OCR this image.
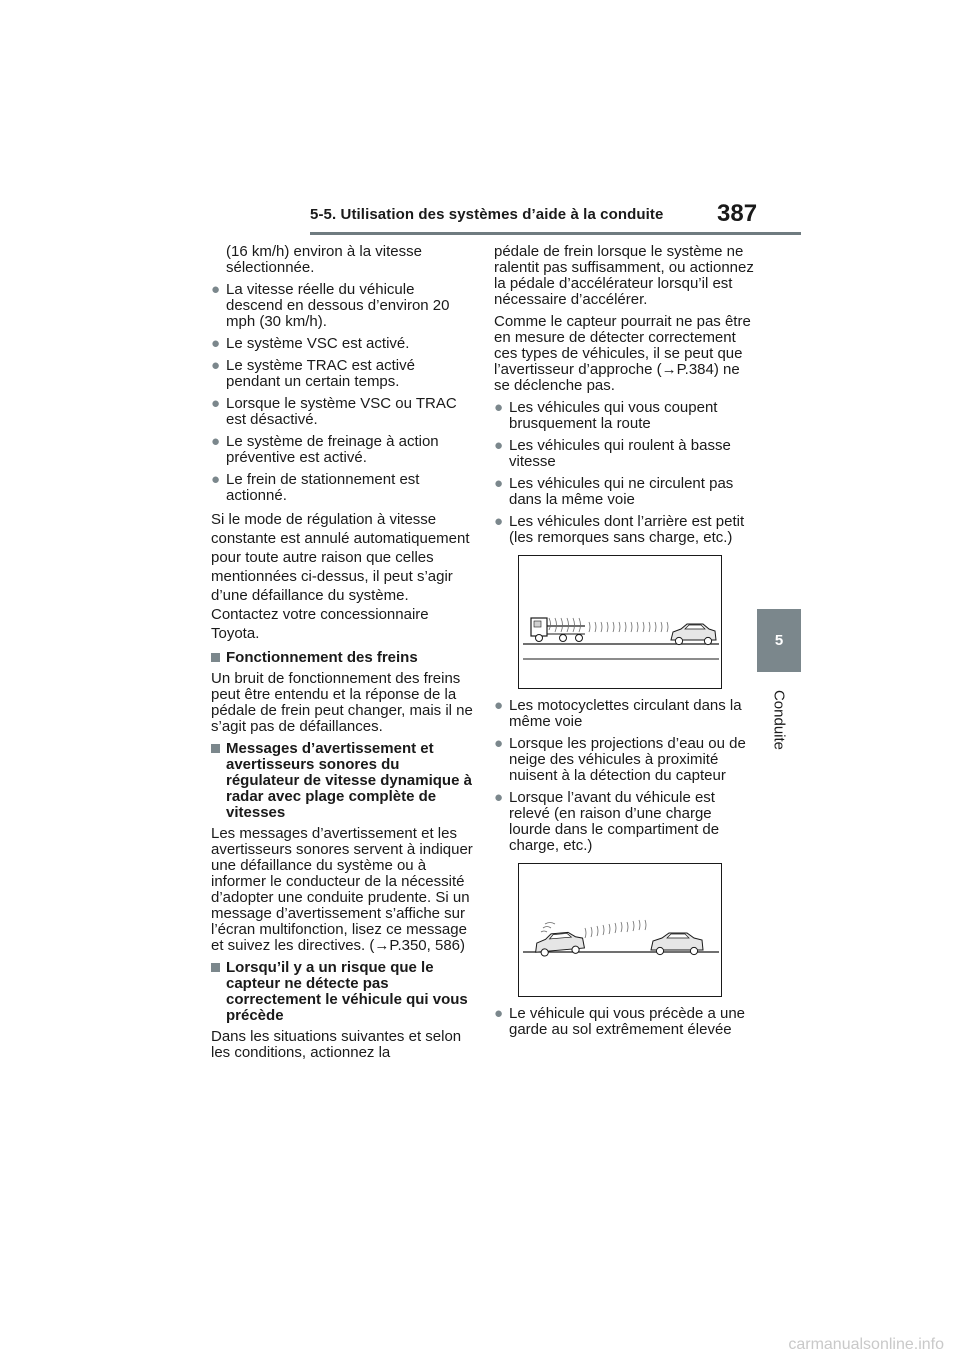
5-5. Utilisation des systèmes d’aide à la conduite 387
5
Conduite
(16 km/h) environ à la vitesse sélectionnée.
● La vitesse réelle du véhicule descend en dessous d’environ 20 mph (30 km/h).
● Le système VSC est activé.
● Le système TRAC est activé pendant un certain temps.
● Lorsque le système VSC ou TRAC est désactivé.
● Le système de freinage à action préventive est activé.
● Le frein de stationnement est actionné.
Si le mode de régulation à vitesse constante est annulé automatiquement pour toute autre raison que celles mentionnées ci-dessus, il peut s’agir d’une défaillance du système. Contactez votre concessionnaire Toyota.
Fonctionnement des freins
Un bruit de fonctionnement des freins peut être entendu et la réponse de la pédale de frein peut changer, mais il ne s’agit pas de défaillances.
Messages d’avertissement et avertisseurs sonores du régulateur de vitesse dynamique à radar avec plage complète de vitesses
Les messages d’avertissement et les avertisseurs sonores servent à indiquer une défaillance du système ou à informer le conducteur de la nécessité d’adopter une conduite prudente. Si un message d’avertissement s’affiche sur l’écran multifonction, lisez ce message et suivez les directives. (→P.350, 586)
Lorsqu’il y a un risque que le capteur ne détecte pas correctement le véhicule qui vous précède
Dans les situations suivantes et selon les conditions, actionnez la
pédale de frein lorsque le système ne ralentit pas suffisamment, ou actionnez la pédale d’accélérateur lorsqu’il est nécessaire d’accélérer.
Comme le capteur pourrait ne pas être en mesure de détecter correctement ces types de véhicules, il se peut que l’avertisseur d’approche (→P.384) ne se déclenche pas.
● Les véhicules qui vous coupent brusquement la route
● Les véhicules qui roulent à basse vitesse
● Les véhicules qui ne circulent pas dans la même voie
● Les véhicules dont l’arrière est petit (les remorques sans charge, etc.)
● Les motocyclettes circulant dans la même voie
● Lorsque les projections d’eau ou de neige des véhicules à proximité nuisent à la détection du capteur
● Lorsque l’avant du véhicule est relevé (en raison d’une charge lourde dans le compartiment de charge, etc.)
● Le véhicule qui vous précède a une garde au sol extrêmement élevée
carmanualsonline.info
